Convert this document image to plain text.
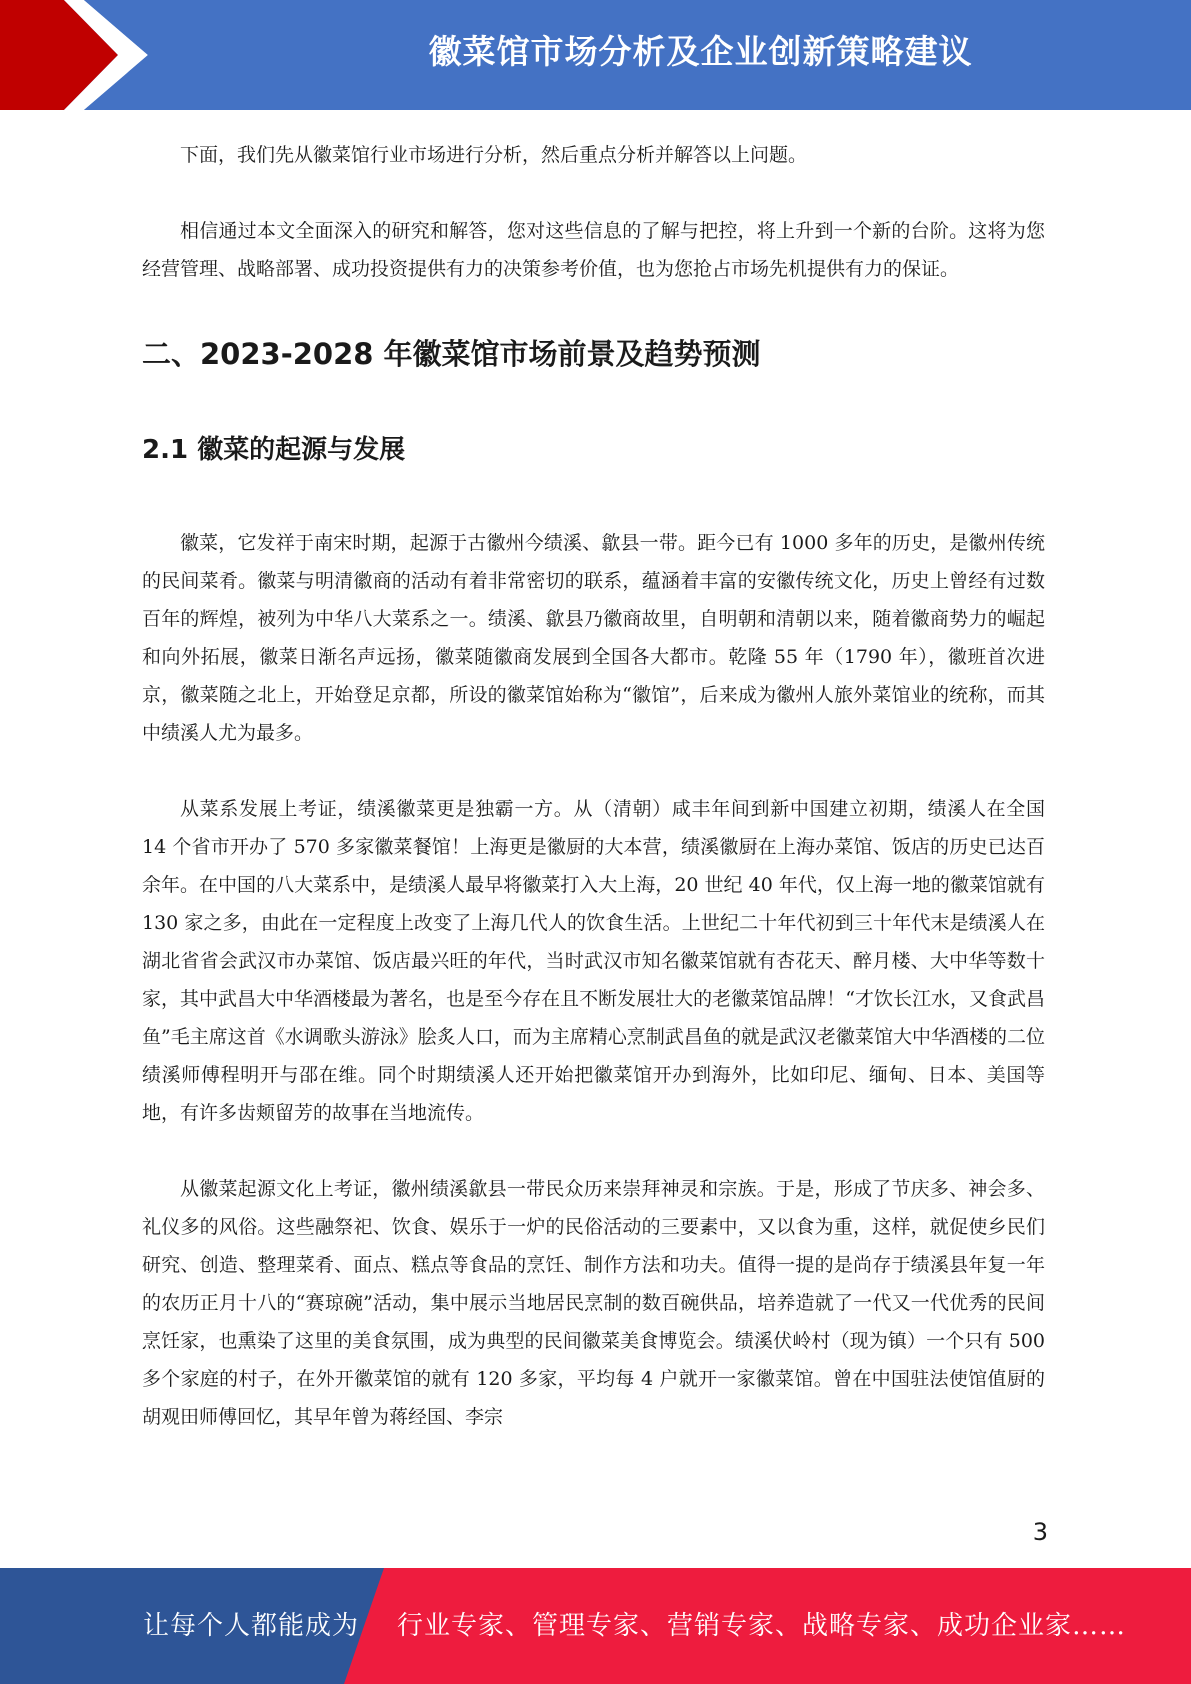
徽菜馆市场分析及企业创新策略建议

下面，我们先从徽菜馆行业市场进行分析，然后重点分析并解答以上问题。

相信通过本文全面深入的研究和解答，您对这些信息的了解与把控，将上升到一个新的台阶。这将为您经营管理、战略部署、成功投资提供有力的决策参考价值，也为您抢占市场先机提供有力的保证。

二、2023-2028 年徽菜馆市场前景及趋势预测
2.1 徽菜的起源与发展

徽菜，它发祥于南宋时期，起源于古徽州今绩溪、歙县一带。距今已有 1000 多年的历史，是徽州传统的民间菜肴。徽菜与明清徽商的活动有着非常密切的联系，蕴涵着丰富的安徽传统文化，历史上曾经有过数百年的辉煌，被列为中华八大菜系之一。绩溪、歙县乃徽商故里，自明朝和清朝以来，随着徽商势力的崛起和向外拓展，徽菜日渐名声远扬，徽菜随徽商发展到全国各大都市。乾隆 55 年（1790 年），徽班首次进京，徽菜随之北上，开始登足京都，所设的徽菜馆始称为“徽馆”，后来成为徽州人旅外菜馆业的统称，而其中绩溪人尤为最多。

从菜系发展上考证，绩溪徽菜更是独霸一方。从（清朝）咸丰年间到新中国建立初期，绩溪人在全国 14 个省市开办了 570 多家徽菜餐馆！上海更是徽厨的大本营，绩溪徽厨在上海办菜馆、饭店的历史已达百余年。在中国的八大菜系中，是绩溪人最早将徽菜打入大上海，20 世纪 40 年代，仅上海一地的徽菜馆就有 130 家之多，由此在一定程度上改变了上海几代人的饮食生活。上世纪二十年代初到三十年代末是绩溪人在湖北省省会武汉市办菜馆、饭店最兴旺的年代，当时武汉市知名徽菜馆就有杏花天、醉月楼、大中华等数十家，其中武昌大中华酒楼最为著名，也是至今存在且不断发展壮大的老徽菜馆品牌！“才饮长江水，又食武昌鱼”毛主席这首《水调歌头游泳》脍炙人口，而为主席精心烹制武昌鱼的就是武汉老徽菜馆大中华酒楼的二位绩溪师傅程明开与邵在维。同个时期绩溪人还开始把徽菜馆开办到海外，比如印尼、缅甸、日本、美国等地，有许多齿颊留芳的故事在当地流传。

从徽菜起源文化上考证，徽州绩溪歙县一带民众历来崇拜神灵和宗族。于是，形成了节庆多、神会多、礼仪多的风俗。这些融祭祀、饮食、娱乐于一炉的民俗活动的三要素中，又以食为重，这样，就促使乡民们研究、创造、整理菜肴、面点、糕点等食品的烹饪、制作方法和功夫。值得一提的是尚存于绩溪县年复一年的农历正月十八的“赛琼碗”活动，集中展示当地居民烹制的数百碗供品，培养造就了一代又一代优秀的民间烹饪家，也熏染了这里的美食氛围，成为典型的民间徽菜美食博览会。绩溪伏岭村（现为镇）一个只有 500 多个家庭的村子，在外开徽菜馆的就有 120 多家，平均每 4 户就开一家徽菜馆。曾在中国驻法使馆值厨的胡观田师傅回忆，其早年曾为蒋经国、李宗

3
让每个人都能成为 行业专家、管理专家、营销专家、战略专家、成功企业家……
